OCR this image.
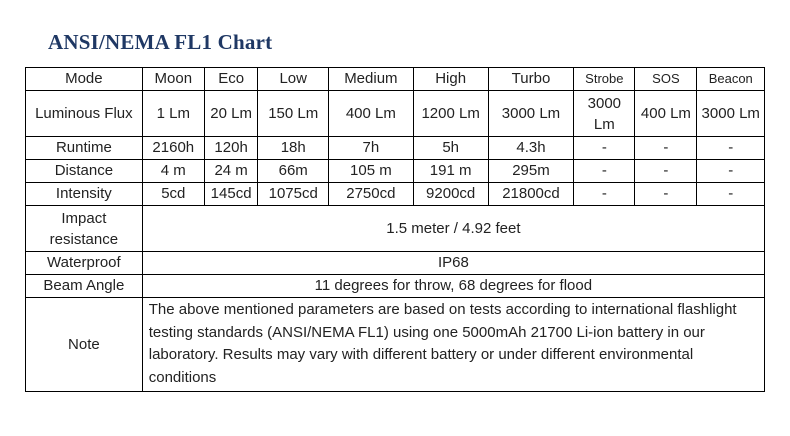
ANSI/NEMA FL1 Chart
Mode	Moon	Eco	Low	Medium	High	Turbo	Strobe	SOS	Beacon
Luminous Flux	1 Lm	20 Lm	150 Lm	400 Lm	1200 Lm	3000 Lm	3000 Lm	400 Lm	3000 Lm
Runtime	2160h	120h	18h	7h	5h	4.3h	-	-	-
Distance	4 m	24 m	66m	105 m	191 m	295m	-	-	-
Intensity	5cd	145cd	1075cd	2750cd	9200cd	21800cd	-	-	-
Impact resistance	1.5 meter / 4.92 feet								
Waterproof	IP68								
Beam Angle	11 degrees for throw, 68 degrees for flood								
Note	The above mentioned parameters are based on tests according to international flashlight testing standards (ANSI/NEMA FL1) using one 5000mAh 21700 Li-ion battery in our laboratory. Results may vary with different battery or under different environmental conditions								
